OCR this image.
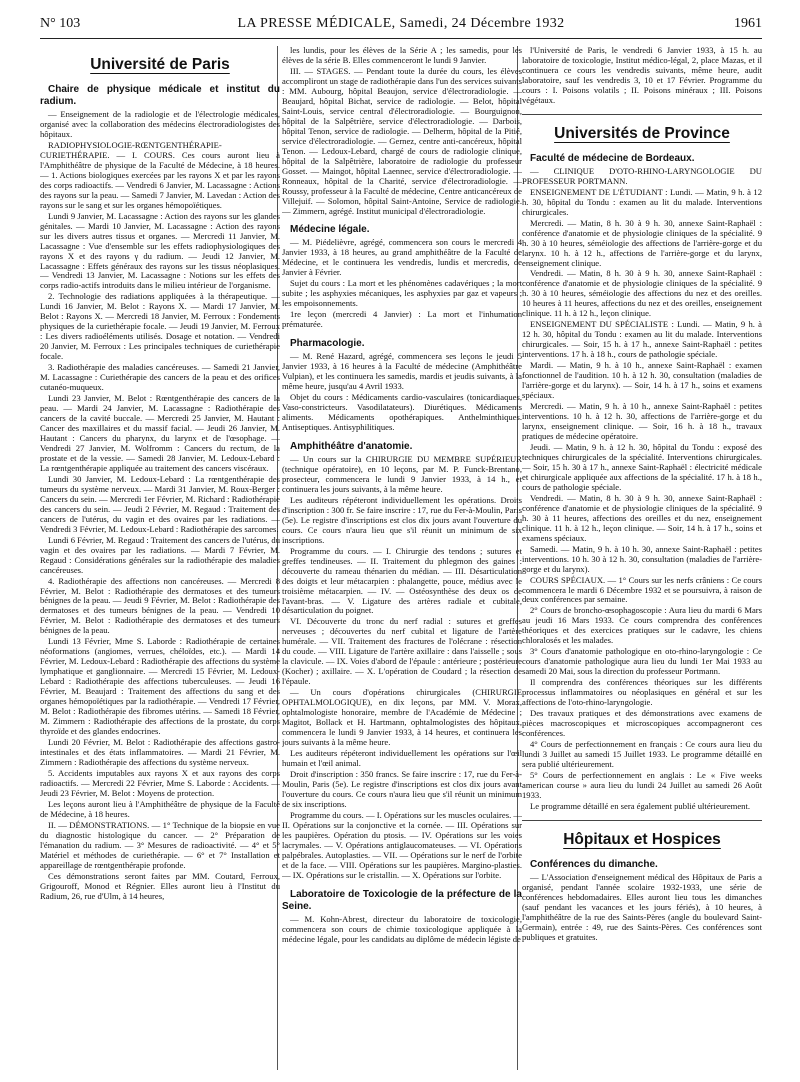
N° 103	LA PRESSE MÉDICALE, Samedi, 24 Décembre 1932	1961
Université de Paris

Chaire de physique médicale et institut du radium.

— Enseignement de la radiologie et de l'électrologie médicales, organisé avec la collaboration des médecins électroradiologistes des hôpitaux.

RADIOPHYSIOLOGIE-RŒNTGENTHÉRAPIE-CURIETHÉRAPIE. — I. COURS. Ces cours auront lieu à l'Amphithéâtre de physique de la Faculté de Médecine, à 18 heures. — 1. Actions biologiques exercées par les rayons X et par les rayons des corps radioactifs. — Vendredi 6 Janvier, M. Lacassagne : Actions des rayons sur la peau. — Samedi 7 Janvier, M. Lavedan : Action des rayons sur le sang et sur les organes hémopoïétiques.

Lundi 9 Janvier, M. Lacassagne : Action des rayons sur les glandes génitales. — Mardi 10 Janvier, M. Lacassagne : Action des rayons sur les divers autres tissus et organes. — Mercredi 11 Janvier, M. Lacassagne : Vue d'ensemble sur les effets radiophysiologiques des rayons X et des rayons γ du radium. — Jeudi 12 Janvier, M. Lacassagne : Effets généraux des rayons sur les tissus néoplasiques. — Vendredi 13 Janvier, M. Lacassagne : Notions sur les effets des corps radio-actifs introduits dans le milieu intérieur de l'organisme.

2. Technologie des radiations appliquées à la thérapeutique. — Lundi 16 Janvier, M. Belot : Rayons X. — Mardi 17 Janvier, M. Belot : Rayons X. — Mercredi 18 Janvier, M. Ferroux : Fondements physiques de la curiethérapie focale. — Jeudi 19 Janvier, M. Ferroux : Les divers radioéléments utilisés. Dosage et notation. — Vendredi 20 Janvier, M. Ferroux : Les principales techniques de curiethérapie focale.

3. Radiothérapie des maladies cancéreuses. — Samedi 21 Janvier, M. Lacassagne : Curiethérapie des cancers de la peau et des orifices cutanéo-muqueux.

Lundi 23 Janvier, M. Belot : Rœntgenthérapie des cancers de la peau. — Mardi 24 Janvier, M. Lacassagne : Radiothérapie des cancers de la cavité buccale. — Mercredi 25 Janvier, M. Hautant : Cancer des maxillaires et du massif facial. — Jeudi 26 Janvier, M. Hautant : Cancers du pharynx, du larynx et de l'œsophage. — Vendredi 27 Janvier, M. Wolfromm : Cancers du rectum, de la prostate et de la vessie. — Samedi 28 Janvier, M. Ledoux-Lebard : La rœntgenthérapie appliquée au traitement des cancers viscéraux.

Lundi 30 Janvier, M. Ledoux-Lebard : La rœntgenthérapie des tumeurs du système nerveux. — Mardi 31 Janvier, M. Roux-Berger : Cancers du sein. — Mercredi 1er Février, M. Richard : Radiothérapie des cancers du sein. — Jeudi 2 Février, M. Regaud : Traitement des cancers de l'utérus, du vagin et des ovaires par les radiations. — Vendredi 3 Février, M. Ledoux-Lebard : Radiothérapie des sarcomes.

Lundi 6 Février, M. Regaud : Traitement des cancers de l'utérus, du vagin et des ovaires par les radiations. — Mardi 7 Février, M. Regaud : Considérations générales sur la radiothérapie des maladies cancéreuses.

4. Radiothérapie des affections non cancéreuses. — Mercredi 8 Février, M. Belot : Radiothérapie des dermatoses et des tumeurs bénignes de la peau. — Jeudi 9 Février, M. Belot : Radiothérapie des dermatoses et des tumeurs bénignes de la peau. — Vendredi 10 Février, M. Belot : Radiothérapie des dermatoses et des tumeurs bénignes de la peau.

Lundi 13 Février, Mme S. Laborde : Radiothérapie de certaines néoformations (angiomes, verrues, chéloïdes, etc.). — Mardi 14 Février, M. Ledoux-Lebard : Radiothérapie des affections du système lymphatique et ganglionnaire. — Mercredi 15 Février, M. Ledoux-Lebard : Radiothérapie des affections tuberculeuses. — Jeudi 16 Février, M. Beaujard : Traitement des affections du sang et des organes hémopoïétiques par la radiothérapie. — Vendredi 17 Février, M. Belot : Radiothérapie des fibromes utérins. — Samedi 18 Février, M. Zimmern : Radiothérapie des affections de la prostate, du corps thyroïde et des glandes endocrines.

Lundi 20 Février, M. Belot : Radiothérapie des affections gastro-intestinales et des états inflammatoires. — Mardi 21 Février, M. Zimmern : Radiothérapie des affections du système nerveux.

5. Accidents imputables aux rayons X et aux rayons des corps radioactifs. — Mercredi 22 Février, Mme S. Laborde : Accidents. — Jeudi 23 Février, M. Belot : Moyens de protection.

Les leçons auront lieu à l'Amphithéâtre de physique de la Faculté de Médecine, à 18 heures.

II. — DÉMONSTRATIONS. — 1° Technique de la biopsie en vue du diagnostic histologique du cancer. — 2° Préparation de l'émanation du radium. — 3° Mesures de radioactivité. — 4° et 5° Matériel et méthodes de curiethérapie. — 6° et 7° Installation et appareillage de rœntgenthérapie profonde.

Ces démonstrations seront faites par MM. Coutard, Ferroux, Grigouroff, Monod et Régnier. Elles auront lieu à l'Institut du Radium, 26, rue d'Ulm, à 14 heures,

les lundis, pour les élèves de la Série A ; les samedis, pour les élèves de la série B. Elles commenceront le lundi 9 Janvier.

III. — STAGES. — Pendant toute la durée du cours, les élèves accompliront un stage de radiothérapie dans l'un des services suivants : MM. Aubourg, hôpital Beaujon, service d'électroradiologie. — Beaujard, hôpital Bichat, service de radiologie. — Belot, hôpital Saint-Louis, service central d'électroradiologie. — Bourguignon, hôpital de la Salpêtrière, service d'électroradiologie. — Darbois, hôpital Tenon, service de radiologie. — Delherm, hôpital de la Pitié, service d'électroradiologie. — Gernez, centre anti-cancéreux, hôpital Tenon. — Ledoux-Lebard, chargé de cours de radiologie clinique, hôpital de la Salpêtrière, laboratoire de radiologie du professeur Gosset. — Maingot, hôpital Laennec, service d'électroradiologie. — Ronneaux, hôpital de la Charité, service d'électroradiologie. — Roussy, professeur à la Faculté de médecine, Centre anticancéreux de Villejuif. — Solomon, hôpital Saint-Antoine, Service de radiologie. — Zimmern, agrégé. Institut municipal d'électroradiologie.

Médecine légale.

— M. Piédelièvre, agrégé, commencera son cours le mercredi 4 Janvier 1933, à 18 heures, au grand amphithéâtre de la Faculté de Médecine, et le continuera les vendredis, lundis et mercredis, de Janvier à Février.

Sujet du cours : La mort et les phénomènes cadavériques ; la mort subite ; les asphyxies mécaniques, les asphyxies par gaz et vapeurs ; les empoisonnements.

1re leçon (mercredi 4 Janvier) : La mort et l'inhumation prématurée.

Pharmacologie.

— M. René Hazard, agrégé, commencera ses leçons le jeudi 5 Janvier 1933, à 16 heures à la Faculté de médecine (Amphithéâtre Vulpian), et les continuera les samedis, mardis et jeudis suivants, à la même heure, jusqu'au 4 Avril 1933.

Objet du cours : Médicaments cardio-vasculaires (tonicardiaques, Vaso-constricteurs. Vasodilatateurs). Diurétiques. Médicaments aliments. Médicaments opothérapiques. Anthelminthiques. Antiseptiques. Antisyphilitiques.

Amphithéâtre d'anatomie.

— Un cours sur la CHIRURGIE DU MEMBRE SUPÉRIEUR (technique opératoire), en 10 leçons, par M. P. Funck-Brentano, prosecteur, commencera le lundi 9 Janvier 1933, à 14 h., et continuera les jours suivants, à la même heure.

Les auditeurs répéteront individuellement les opérations. Droits d'inscription : 300 fr. Se faire inscrire : 17, rue du Fer-à-Moulin, Paris (5e). Le registre d'inscriptions est clos dix jours avant l'ouverture du cours. Ce cours n'aura lieu que s'il réunit un minimum de six inscriptions.

Programme du cours. — I. Chirurgie des tendons ; sutures et greffes tendineuses. — II. Traitement du phlegmon des gaines : découverte du rameau thénarien du médian. — III. Désarticulation des doigts et leur métacarpien : phalangette, pouce, médius avec le troisième métacarpien. — IV. — Ostéosynthèse des deux os de l'avant-bras. — V. Ligature des artères radiale et cubitale, désarticulation du poignet.

VI. Découverte du tronc du nerf radial : sutures et greffes nerveuses ; découvertes du nerf cubital et ligature de l'artère humérale. — VII. Traitement des fractures de l'olécrane : résection du coude. — VIII. Ligature de l'artère axillaire : dans l'aisselle ; sous la clavicule. — IX. Voies d'abord de l'épaule : antérieure ; postérieure (Kocher) ; axillaire. — X. L'opération de Coudard ; la résection de l'épaule.

— Un cours d'opérations chirurgicales (CHIRURGIE OPHTALMOLOGIQUE), en dix leçons, par MM. V. Morax, ophtalmologiste honoraire, membre de l'Académie de Médecine ; Magitot, Bollack et H. Hartmann, ophtalmologistes des hôpitaux, commencera le lundi 9 Janvier 1933, à 14 heures, et continuera les jours suivants à la même heure.

Les auditeurs répéteront individuellement les opérations sur l'œil humain et l'œil animal.

Droit d'inscription : 350 francs. Se faire inscrire : 17, rue du Fer-à-Moulin, Paris (5e). Le registre d'inscriptions est clos dix jours avant l'ouverture du cours. Ce cours n'aura lieu que s'il réunit un minimum de six inscriptions.

Programme du cours. — I. Opérations sur les muscles oculaires. — II. Opérations sur la conjonctive et la cornée. — III. Opérations sur les paupières. Opération du ptosis. — IV. Opérations sur les voies lacrymales. — V. Opérations antiglaucomateuses. — VI. Opérations palpébrales. Autoplasties. — VII. — Opérations sur le nerf de l'orbite et de la face. — VIII. Opérations sur les paupières. Margino-plasties. — IX. Opérations sur le cristallin. — X. Opérations sur l'orbite.

Laboratoire de Toxicologie de la préfecture de la Seine.

— M. Kohn-Abrest, directeur du laboratoire de toxicologie, commencera son cours de chimie toxicologique appliquée à la médecine légale, pour les candidats au diplôme de médecin légiste de

l'Université de Paris, le vendredi 6 Janvier 1933, à 15 h. au laboratoire de toxicologie, Institut médico-légal, 2, place Mazas, et il continuera ce cours les vendredis suivants, même heure, audit laboratoire, sauf les vendredis 3, 10 et 17 Février. Programme du cours : I. Poisons volatils ; II. Poisons minéraux ; III. Poisons végétaux.

Universités de Province

Faculté de médecine de Bordeaux.

— CLINIQUE D'OTO-RHINO-LARYNGOLOGIE DU PROFESSEUR PORTMANN.

ENSEIGNEMENT DE L'ÉTUDIANT : Lundi. — Matin, 9 h. à 12 h. 30, hôpital du Tondu : examen au lit du malade. Interventions chirurgicales.

Mercredi. — Matin, 8 h. 30 à 9 h. 30, annexe Saint-Raphaël : conférence d'anatomie et de physiologie cliniques de la spécialité. 9 h. 30 à 10 heures, séméiologie des affections de l'arrière-gorge et du larynx. 10 h. à 12 h., affections de l'arrière-gorge et du larynx, enseignement clinique.

Vendredi. — Matin, 8 h. 30 à 9 h. 30, annexe Saint-Raphaël : conférence d'anatomie et de physiologie cliniques de la spécialité. 9 h. 30 à 10 heures, séméiologie des affections du nez et des oreilles. 10 heures à 11 heures, affections du nez et des oreilles, enseignement clinique. 11 h. à 12 h., leçon clinique.

ENSEIGNEMENT DU SPÉCIALISTE : Lundi. — Matin, 9 h. à 12 h. 30, hôpital du Tondu : examen au lit du malade. Interventions chirurgicales. — Soir, 15 h. à 17 h., annexe Saint-Raphaël : petites interventions. 17 h. à 18 h., cours de pathologie spéciale.

Mardi. — Matin, 9 h. à 10 h., annexe Saint-Raphaël : examen fonctionnel de l'audition. 10 h. à 12 h. 30, consultation (maladies de l'arrière-gorge et du larynx). — Soir, 14 h. à 17 h., soins et examens spéciaux.

Mercredi. — Matin, 9 h. à 10 h., annexe Saint-Raphaël : petites interventions. 10 h. à 12 h. 30, affections de l'arrière-gorge et du larynx, enseignement clinique. — Soir, 16 h. à 18 h., travaux pratiques de médecine opératoire.

Jeudi. — Matin, 9 h. à 12 h. 30, hôpital du Tondu : exposé des techniques chirurgicales de la spécialité. Interventions chirurgicales. — Soir, 15 h. 30 à 17 h., annexe Saint-Raphaël : électricité médicale et chirurgicale appliquée aux affections de la spécialité. 17 h. à 18 h., cours de pathologie spéciale.

Vendredi. — Matin, 8 h. 30 à 9 h. 30, annexe Saint-Raphaël : conférence d'anatomie et de physiologie cliniques de la spécialité. 9 h. 30 à 11 heures, affections des oreilles et du nez, enseignement clinique. 11 h. à 12 h., leçon clinique. — Soir, 14 h. à 17 h., soins et examens spéciaux.

Samedi. — Matin, 9 h. à 10 h. 30, annexe Saint-Raphaël : petites interventions. 10 h. 30 à 12 h. 30, consultation (maladies de l'arrière-gorge et du larynx).

COURS SPÉCIAUX. — 1° Cours sur les nerfs crâniens : Ce cours commencera le mardi 6 Décembre 1932 et se poursuivra, à raison de deux conférences par semaine.

2° Cours de broncho-œsophagoscopie : Aura lieu du mardi 6 Mars au jeudi 16 Mars 1933. Ce cours comprendra des conférences théoriques et des exercices pratiques sur le cadavre, les chiens chloralosés et les malades.

3° Cours d'anatomie pathologique en oto-rhino-laryngologie : Ce cours d'anatomie pathologique aura lieu du lundi 1er Mai 1933 au samedi 20 Mai, sous la direction du professeur Portmann.

Il comprendra des conférences théoriques sur les différents processus inflammatoires ou néoplasiques en général et sur les affections de l'oto-rhino-laryngologie.

Des travaux pratiques et des démonstrations avec examens de pièces macroscopiques et microscopiques accompagneront ces conférences.

4° Cours de perfectionnement en français : Ce cours aura lieu du lundi 3 Juillet au samedi 15 Juillet 1933. Le programme détaillé en sera publié ultérieurement.

5° Cours de perfectionnement en anglais : Le « Five weeks american course » aura lieu du lundi 24 Juillet au samedi 26 Août 1933.

Le programme détaillé en sera également publié ultérieurement.

Hôpitaux et Hospices

Conférences du dimanche.

— L'Association d'enseignement médical des Hôpitaux de Paris a organisé, pendant l'année scolaire 1932-1933, une série de conférences hebdomadaires. Elles auront lieu tous les dimanches (sauf pendant les vacances et les jours fériés), à 10 heures, à l'amphithéâtre de la rue des Saints-Pères (angle du boulevard Saint-Germain), entrée : 49, rue des Saints-Pères. Ces conférences sont publiques et gratuites.
